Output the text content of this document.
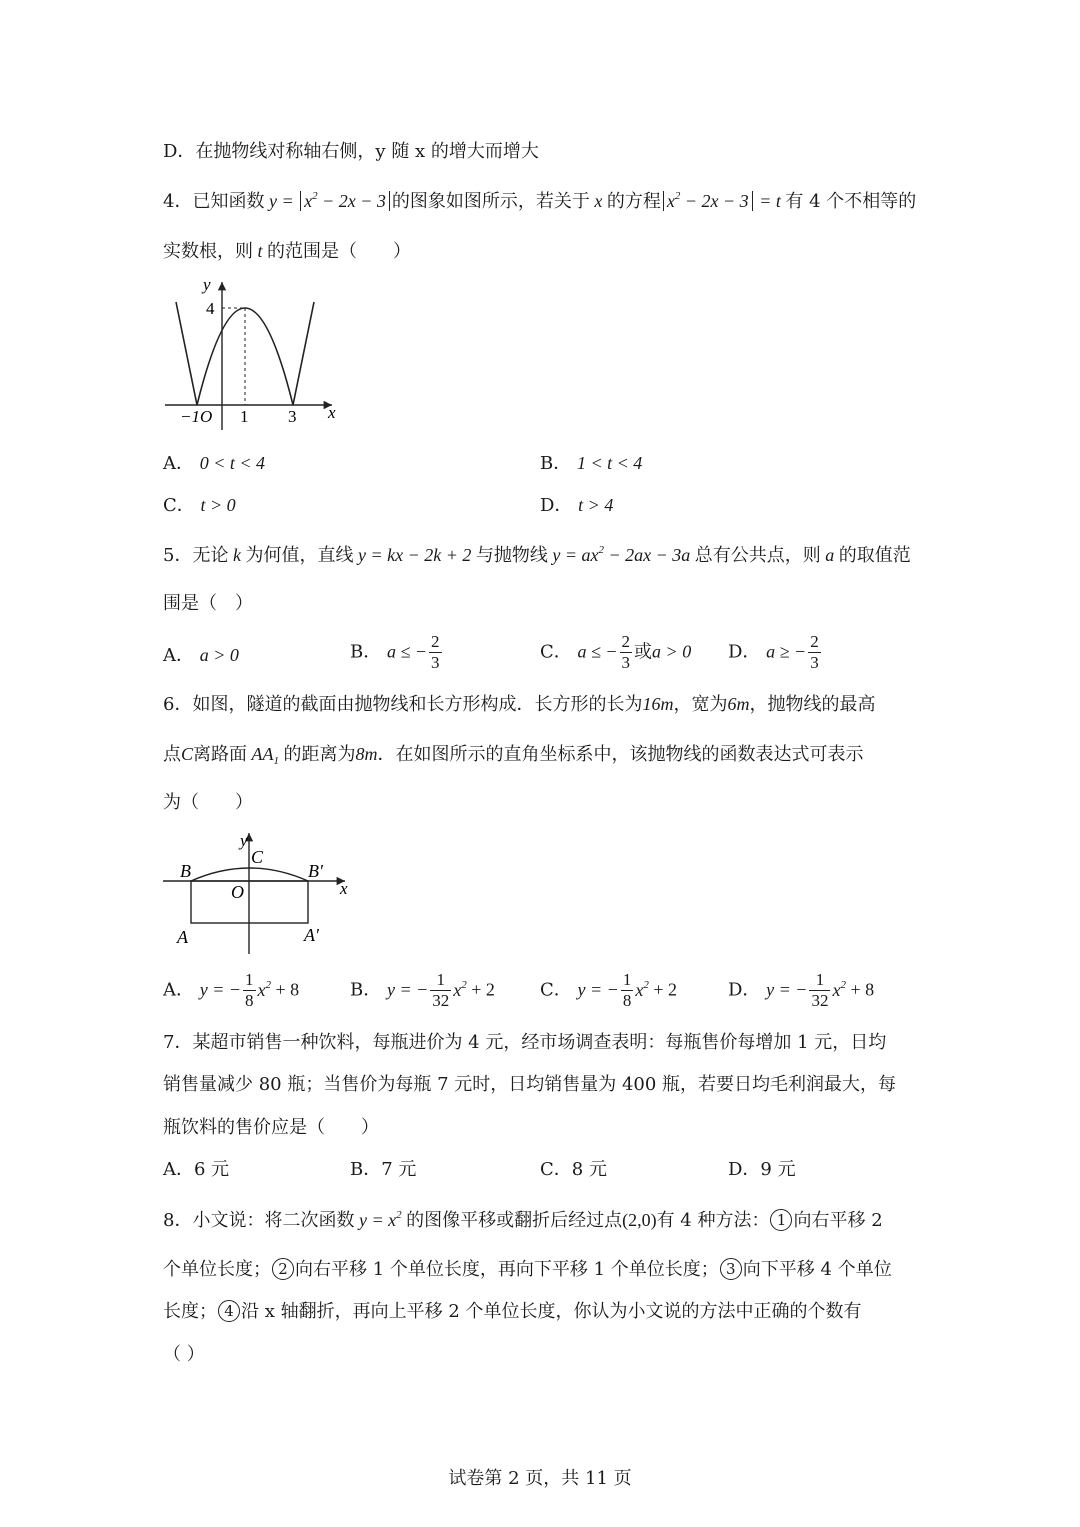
D．在抛物线对称轴右侧，y 随 x 的增大而增大
4．已知函数 $y = x^2 - 2x - 3$ 的图象如图所示，若关于 x 的方程 $x^2 - 2x - 3 = t$ 有 4 个不相等的
实数根，则 t 的范围是（　　）
y
4
x
−1O 1 3
A． 0 < t < 4	B． 1 < t < 4
C． t > 0	D． t > 4
5．无论 k 为何值，直线 y = kx − 2k + 2 与抛物线 $y = ax^2 - 2ax - 3a$ 总有公共点，则 a 的取值范
围是（　）
A． a > 0	B． a ≤ − $\frac{2}{3}$	C． a ≤ − $\frac{2}{3}$ 或a > 0 D． a ≥ − $\frac{2}{3}$
6．如图，隧道的截面由抛物线和长方形构成．长方形的长为16m，宽为6m，抛物线的最高
点C离路面 $AA_1$ 的距离为8m．在如图所示的直角坐标系中，该抛物线的函数表达式可表示
为（　　）
y
C
B	B′
O	x
A	A′
A． y = − $\frac{1}{8} x^2 + 8$	B． y = − $\frac{1}{32} x^2 + 2$	C． y = − $\frac{1}{8} x^2 + 2$	D． y = − $\frac{1}{32} x^2 + 8$
7．某超市销售一种饮料，每瓶进价为 4 元，经市场调查表明：每瓶售价每增加 1 元，日均
销售量减少 80 瓶；当售价为每瓶 7 元时，日均销售量为 400 瓶，若要日均毛利润最大，每
瓶饮料的售价应是（　　）
A．6 元	B．7 元	C．8 元	D．9 元
8．小文说：将二次函数 $y = x^2$ 的图像平移或翻折后经过点(2,0)有 4 种方法： 1 向右平移 2
个单位长度； 2 向右平移 1 个单位长度，再向下平移 1 个单位长度； 3 向下平移 4 个单位
长度； 4 沿 x 轴翻折，再向上平移 2 个单位长度，你认为小文说的方法中正确的个数有
（ ）
试卷第 2 页，共 11 页
